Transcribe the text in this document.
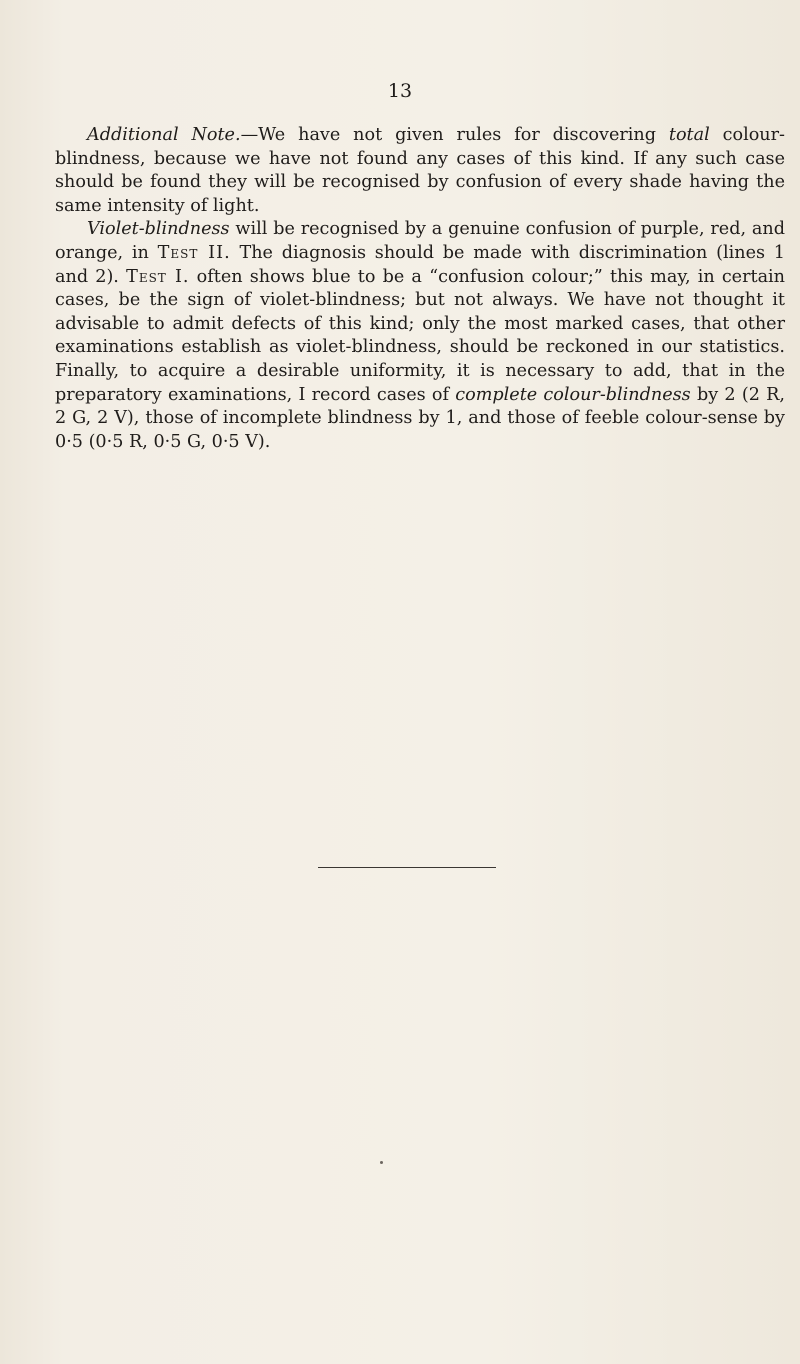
13

Additional Note.—We have not given rules for discovering total colour-blindness, because we have not found any cases of this kind. If any such case should be found they will be recognised by confusion of every shade having the same intensity of light.

Violet-blindness will be recognised by a genuine confusion of purple, red, and orange, in Test II. The diagnosis should be made with discrimination (lines 1 and 2). Test I. often shows blue to be a “confusion colour;” this may, in certain cases, be the sign of violet-blindness; but not always. We have not thought it advisable to admit defects of this kind; only the most marked cases, that other examinations establish as violet-blindness, should be reckoned in our statistics. Finally, to acquire a desirable uniformity, it is necessary to add, that in the preparatory examinations, I record cases of complete colour-blindness by 2 (2 R, 2 G, 2 V), those of incomplete blindness by 1, and those of feeble colour-sense by 0·5 (0·5 R, 0·5 G, 0·5 V).
